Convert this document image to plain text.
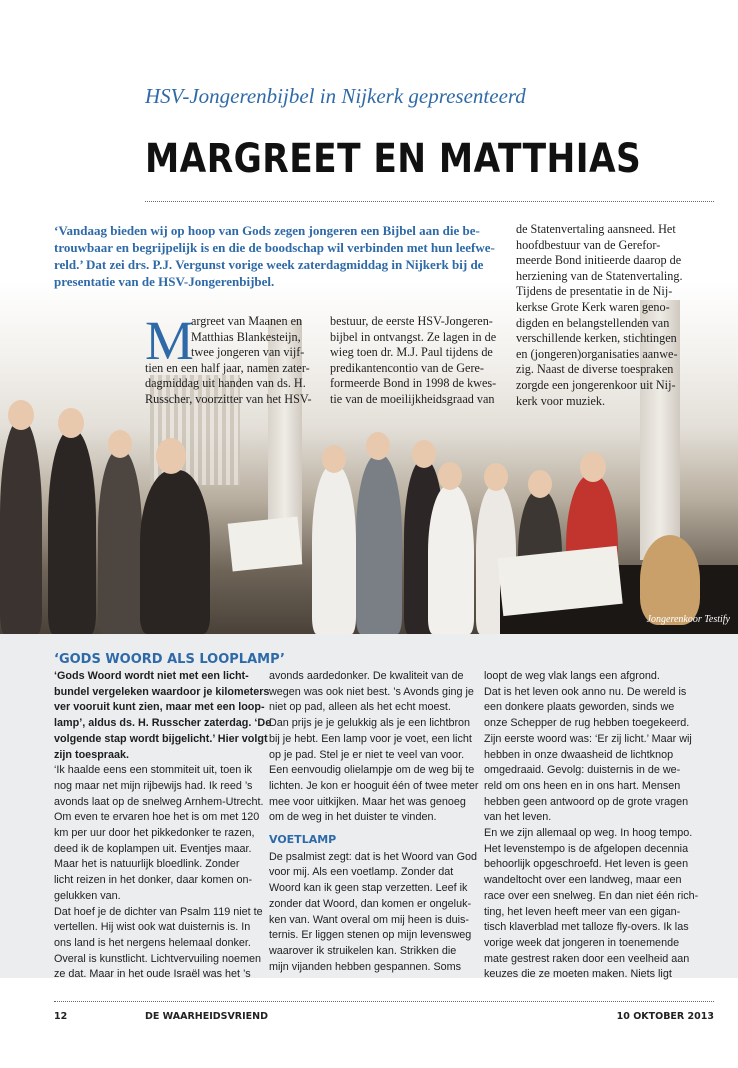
HSV-Jongerenbijbel in Nijkerk gepresenteerd
MARGREET EN MATTHIAS
Jongerenkoor Testify
‘Vandaag bieden wij op hoop van Gods zegen jongeren een Bijbel aan die be-
trouwbaar en begrijpelijk is en die de boodschap wil verbinden met hun leefwe-
reld.’ Dat zei drs. P.J. Vergunst vorige week zaterdagmiddag in Nijkerk bij de
presentatie van de HSV-Jongerenbijbel.
M
argreet van Maanen en
Matthias Blankesteijn,
twee jongeren van vijf-
tien en een half jaar, namen zater-
dagmiddag uit handen van ds. H.
Russcher, voorzitter van het HSV-
bestuur, de eerste HSV-Jongeren-
bijbel in ontvangst. Ze lagen in de
wieg toen dr. M.J. Paul tijdens de
predikantencontio van de Gere-
formeerde Bond in 1998 de kwes-
tie van de moeilijkheidsgraad van
de Statenvertaling aansneed. Het
hoofdbestuur van de Gerefor-
meerde Bond initieerde daarop de
herziening van de Statenvertaling.
Tijdens de presentatie in de Nij-
kerkse Grote Kerk waren geno-
digden en belangstellenden van
verschillende kerken, stichtingen
en (jongeren)organisaties aanwe-
zig. Naast de diverse toespraken
zorgde een jongerenkoor uit Nij-
kerk voor muziek.
‘GODS WOORD ALS LOOPLAMP’
‘Gods Woord wordt niet met een licht-
bundel vergeleken waardoor je kilometers
ver vooruit kunt zien, maar met een loop-
lamp’, aldus ds. H. Russcher zaterdag. ‘De
volgende stap wordt bijgelicht.’ Hier volgt
zijn toespraak.
‘Ik haalde eens een stommiteit uit, toen ik
nog maar net mijn rijbewijs had. Ik reed ’s
avonds laat op de snelweg Arnhem-Utrecht.
Om even te ervaren hoe het is om met 120
km per uur door het pikkedonker te razen,
deed ik de koplampen uit. Eventjes maar.
Maar het is natuurlijk bloedlink. Zonder
licht reizen in het donker, daar komen on-
gelukken van.
Dat hoef je de dichter van Psalm 119 niet te
vertellen. Hij wist ook wat duisternis is. In
ons land is het nergens helemaal donker.
Overal is kunstlicht. Lichtvervuiling noemen
ze dat. Maar in het oude Israël was het ’s
avonds aardedonker. De kwaliteit van de
wegen was ook niet best. ’s Avonds ging je
niet op pad, alleen als het echt moest.
Dan prijs je je gelukkig als je een lichtbron
bij je hebt. Een lamp voor je voet, een licht
op je pad. Stel je er niet te veel van voor.
Een eenvoudig olielampje om de weg bij te
lichten. Je kon er hooguit één of twee meter
mee voor uitkijken. Maar het was genoeg
om de weg in het duister te vinden.
VOETLAMP
De psalmist zegt: dat is het Woord van God
voor mij. Als een voetlamp. Zonder dat
Woord kan ik geen stap verzetten. Leef ik
zonder dat Woord, dan komen er ongeluk-
ken van. Want overal om mij heen is duis-
ternis. Er liggen stenen op mijn levensweg
waarover ik struikelen kan. Strikken die
mijn vijanden hebben gespannen. Soms
loopt de weg vlak langs een afgrond.
Dat is het leven ook anno nu. De wereld is
een donkere plaats geworden, sinds we
onze Schepper de rug hebben toegekeerd.
Zijn eerste woord was: ‘Er zij licht.’ Maar wij
hebben in onze dwaasheid de lichtknop
omgedraaid. Gevolg: duisternis in de we-
reld om ons heen en in ons hart. Mensen
hebben geen antwoord op de grote vragen
van het leven.
En we zijn allemaal op weg. In hoog tempo.
Het levenstempo is de afgelopen decennia
behoorlijk opgeschroefd. Het leven is geen
wandeltocht over een landweg, maar een
race over een snelweg. En dan niet één rich-
ting, het leven heeft meer van een gigan-
tisch klaverblad met talloze fly-overs. Ik las
vorige week dat jongeren in toenemende
mate gestrest raken door een veelheid aan
keuzes die ze moeten maken. Niets ligt
12	DE WAARHEIDSVRIEND	10 OKTOBER 2013
